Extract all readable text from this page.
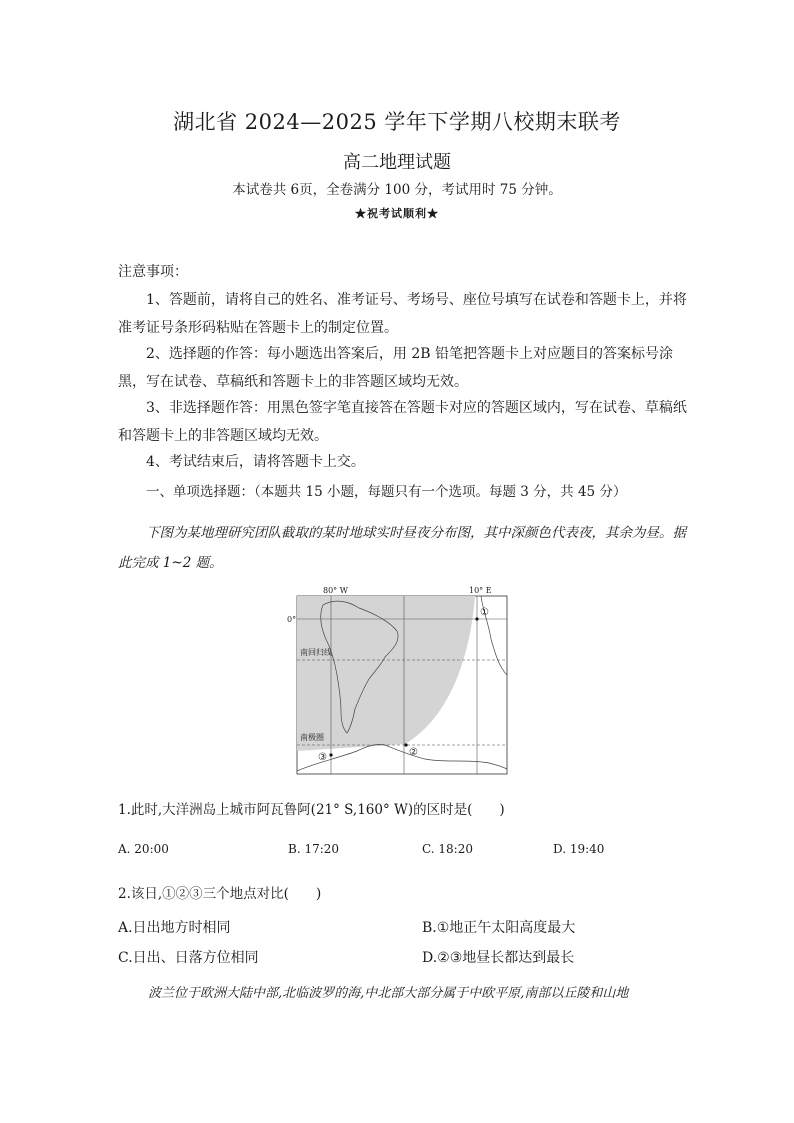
湖北省 2024—2025 学年下学期八校期末联考
高二地理试题
本试卷共 6页，全卷满分 100 分，考试用时 75 分钟。
★祝考试顺利★
注意事项：
1、答题前，请将自己的姓名、准考证号、考场号、座位号填写在试卷和答题卡上，并将准考证号条形码粘贴在答题卡上的制定位置。
2、选择题的作答：每小题选出答案后，用 2B 铅笔把答题卡上对应题目的答案标号涂黑，写在试卷、草稿纸和答题卡上的非答题区域均无效。
3、非选择题作答：用黑色签字笔直接答在答题卡对应的答题区域内，写在试卷、草稿纸和答题卡上的非答题区域均无效。
4、考试结束后，请将答题卡上交。
一、单项选择题：（本题共 15 小题，每题只有一个选项。每题 3 分，共 45 分）
下图为某地理研究团队截取的某时地球实时昼夜分布图，其中深颜色代表夜，其余为昼。据此完成 1~2 题。
80° W	10° E
0°
南回归线
南极圈
①
②
③
1.此时,大洋洲岛上城市阿瓦鲁阿(21° S,160° W)的区时是(　　)
A. 20:00	B. 17:20	C. 18:20	D. 19:40
2.该日,①②③三个地点对比(　　)
A.日出地方时相同	B.①地正午太阳高度最大
C.日出、日落方位相同	D.②③地昼长都达到最长
波兰位于欧洲大陆中部,北临波罗的海,中北部大部分属于中欧平原,南部以丘陵和山地
